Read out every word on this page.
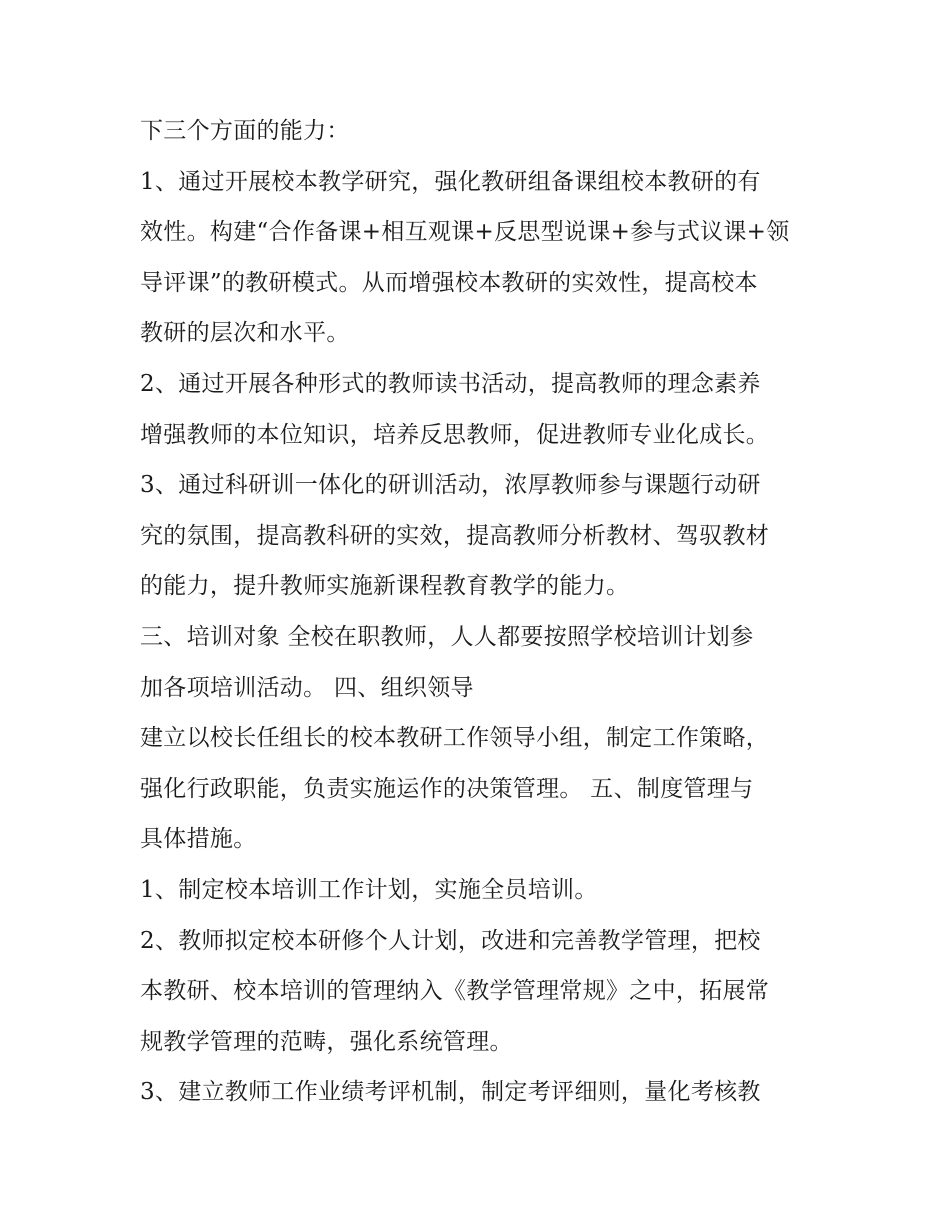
下三个方面的能力：
1、通过开展校本教学研究，强化教研组备课组校本教研的有
效性。构建“合作备课+相互观课+反思型说课+参与式议课+领
导评课”的教研模式。从而增强校本教研的实效性，提高校本
教研的层次和水平。
2、通过开展各种形式的教师读书活动，提高教师的理念素养
增强教师的本位知识，培养反思教师，促进教师专业化成长。
3、通过科研训一体化的研训活动，浓厚教师参与课题行动研
究的氛围，提高教科研的实效，提高教师分析教材、驾驭教材
的能力，提升教师实施新课程教育教学的能力。
三、培训对象 全校在职教师，人人都要按照学校培训计划参
加各项培训活动。 四、组织领导
建立以校长任组长的校本教研工作领导小组，制定工作策略，
强化行政职能，负责实施运作的决策管理。 五、制度管理与
具体措施。
1、制定校本培训工作计划，实施全员培训。
2、教师拟定校本研修个人计划，改进和完善教学管理，把校
本教研、校本培训的管理纳入《教学管理常规》之中，拓展常
规教学管理的范畴，强化系统管理。
3、建立教师工作业绩考评机制，制定考评细则，量化考核教
